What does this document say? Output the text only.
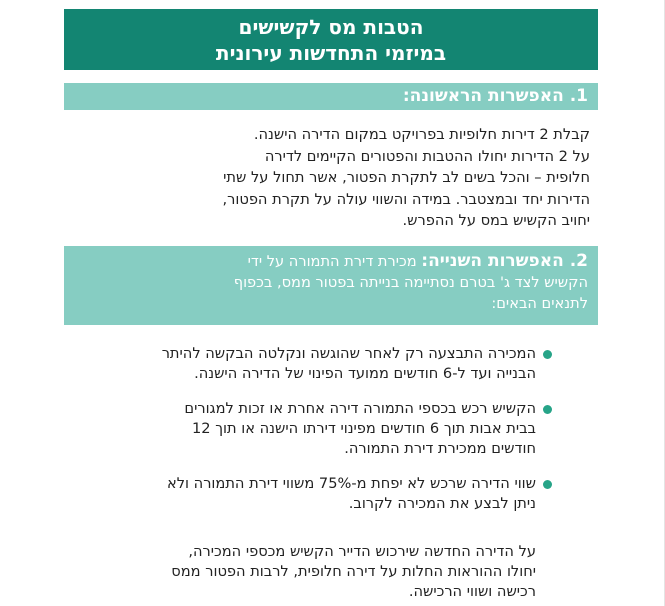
הטבות מס לקשישים
במיזמי התחדשות עירונית
1. האפשרות הראשונה:
קבלת 2 דירות חלופיות בפרויקט במקום הדירה הישנה.
על 2 הדירות יחולו ההטבות והפטורים הקיימים לדירה
חלופית – והכל בשים לב לתקרת הפטור, אשר תחול על שתי
הדירות יחד ובמצטבר. במידה והשווי עולה על תקרת הפטור,
יחויב הקשיש במס על ההפרש.
2. האפשרות השנייה: מכירת דירת התמורה על ידי
הקשיש לצד ג' בטרם נסתיימה בנייתה בפטור ממס, בכפוף
לתנאים הבאים:
המכירה התבצעה רק לאחר שהוגשה ונקלטה הבקשה להיתר
הבנייה ועד ל-6 חודשים ממועד הפינוי של הדירה הישנה.
הקשיש רכש בכספי התמורה דירה אחרת או זכות למגורים
בבית אבות תוך 6 חודשים מפינוי דירתו הישנה או תוך 12
חודשים ממכירת דירת התמורה.
שווי הדירה שרכש לא יפחת מ-75% משווי דירת התמורה ולא
ניתן לבצע את המכירה לקרוב.
על הדירה החדשה שירכוש הדייר הקשיש מכספי המכירה,
יחולו ההוראות החלות על דירה חלופית, לרבות הפטור ממס
רכישה ושווי הרכישה.
